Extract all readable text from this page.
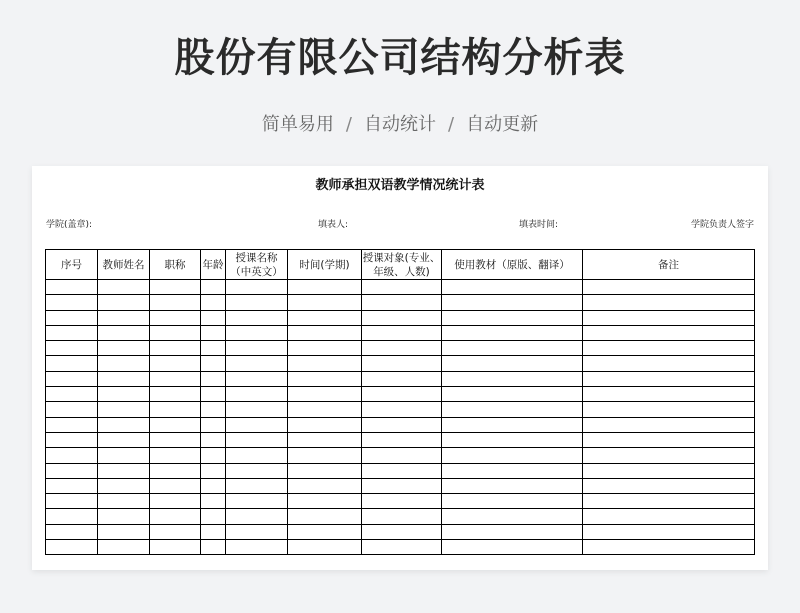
股份有限公司结构分析表
简单易用 / 自动统计 / 自动更新
教师承担双语教学情况统计表
学院(盖章):	填表人:	填表时间:	学院负责人签字
序号	教师姓名	职称	年龄	授课名称（中英文）	时间(学期)	授课对象(专业、年级、人数)	使用教材（原版、翻译）	备注
